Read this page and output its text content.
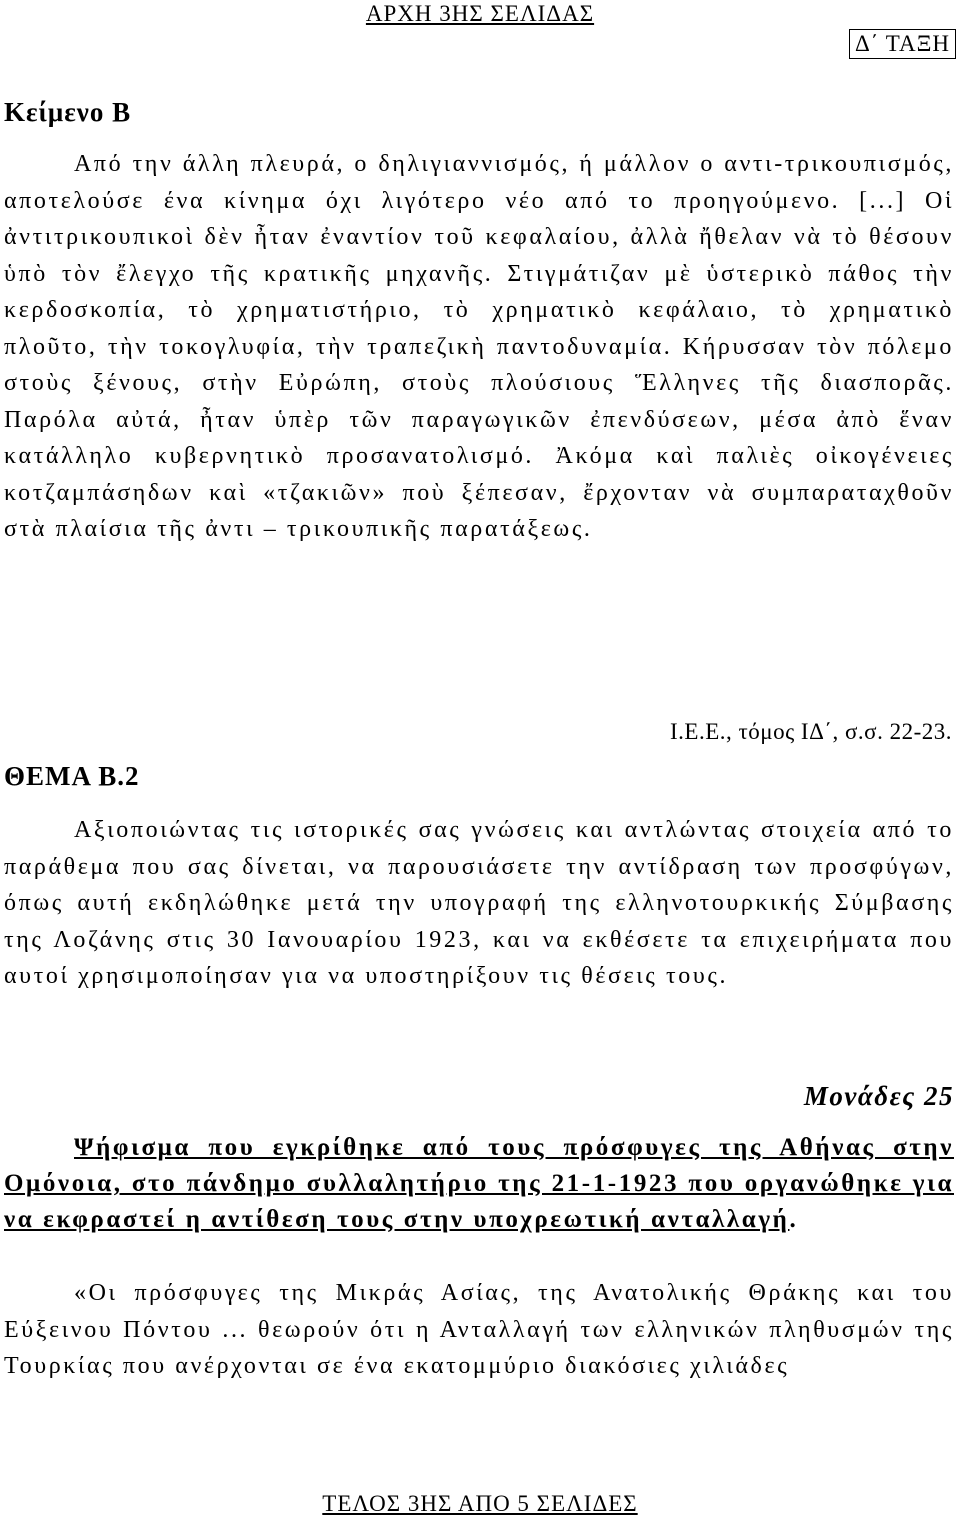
ΑΡΧΗ 3ΗΣ ΣΕΛΙΔΑΣ
Δ΄ ΤΑΞΗ
Κείμενο Β
Από την άλλη πλευρά, ο δηλιγιαννισμός, ή μάλλον ο αντι-τρικουπισμός, αποτελούσε ένα κίνημα όχι λιγότερο νέο από το προηγούμενο. [...] Οἱ ἀντιτρικουπικοὶ δὲν ἦταν ἐναντίον τοῦ κεφαλαίου, ἀλλὰ ἤθελαν νὰ τὸ θέσουν ὑπὸ τὸν ἔλεγχο τῆς κρατικῆς μηχανῆς. Στιγμάτιζαν μὲ ὑστερικὸ πάθος τὴν κερδοσκοπία, τὸ χρηματιστήριο, τὸ χρηματικὸ κεφάλαιο, τὸ χρηματικὸ πλοῦτο, τὴν τοκογλυφία, τὴν τραπεζικὴ παντοδυναμία. Κήρυσσαν τὸν πόλεμο στοὺς ξένους, στὴν Εὐρώπη, στοὺς πλούσιους Ἕλληνες τῆς διασπορᾶς. Παρόλα αὐτά, ἦταν ὑπὲρ τῶν παραγωγικῶν ἐπενδύσεων, μέσα ἀπὸ ἕναν κατάλληλο κυβερνητικὸ προσανατολισμό. Ἀκόμα καὶ παλιὲς οἰκογένειες κοτζαμπάσηδων καὶ «τζακιῶν» ποὺ ξέπεσαν, ἔρχονταν νὰ συμπαραταχθοῦν στὰ πλαίσια τῆς ἀντι – τρικουπικῆς παρατάξεως.
Ι.Ε.Ε., τόμος ΙΔ΄, σ.σ. 22-23.
ΘΕΜΑ Β.2
Αξιοποιώντας τις ιστορικές σας γνώσεις και αντλώντας στοιχεία από το παράθεμα που σας δίνεται, να παρουσιάσετε την αντίδραση των προσφύγων, όπως αυτή εκδηλώθηκε μετά την υπογραφή της ελληνοτουρκικής Σύμβασης της Λοζάνης στις 30 Ιανουαρίου 1923, και να εκθέσετε τα επιχειρήματα που αυτοί χρησιμοποίησαν για να υποστηρίξουν τις θέσεις τους.
Μονάδες 25
Ψήφισμα που εγκρίθηκε από τους πρόσφυγες της Αθήνας στην Ομόνοια, στο πάνδημο συλλαλητήριο της 21-1-1923 που οργανώθηκε για να εκφραστεί η αντίθεση τους στην υποχρεωτική ανταλλαγή.
«Οι πρόσφυγες της Μικράς Ασίας, της Ανατολικής Θράκης και του Εύξεινου Πόντου ... θεωρούν ότι η Ανταλλαγή των ελληνικών πληθυσμών της Τουρκίας που ανέρχονται σε ένα εκατομμύριο διακόσιες χιλιάδες
ΤΕΛΟΣ 3ΗΣ ΑΠΟ 5 ΣΕΛΙΔΕΣ
